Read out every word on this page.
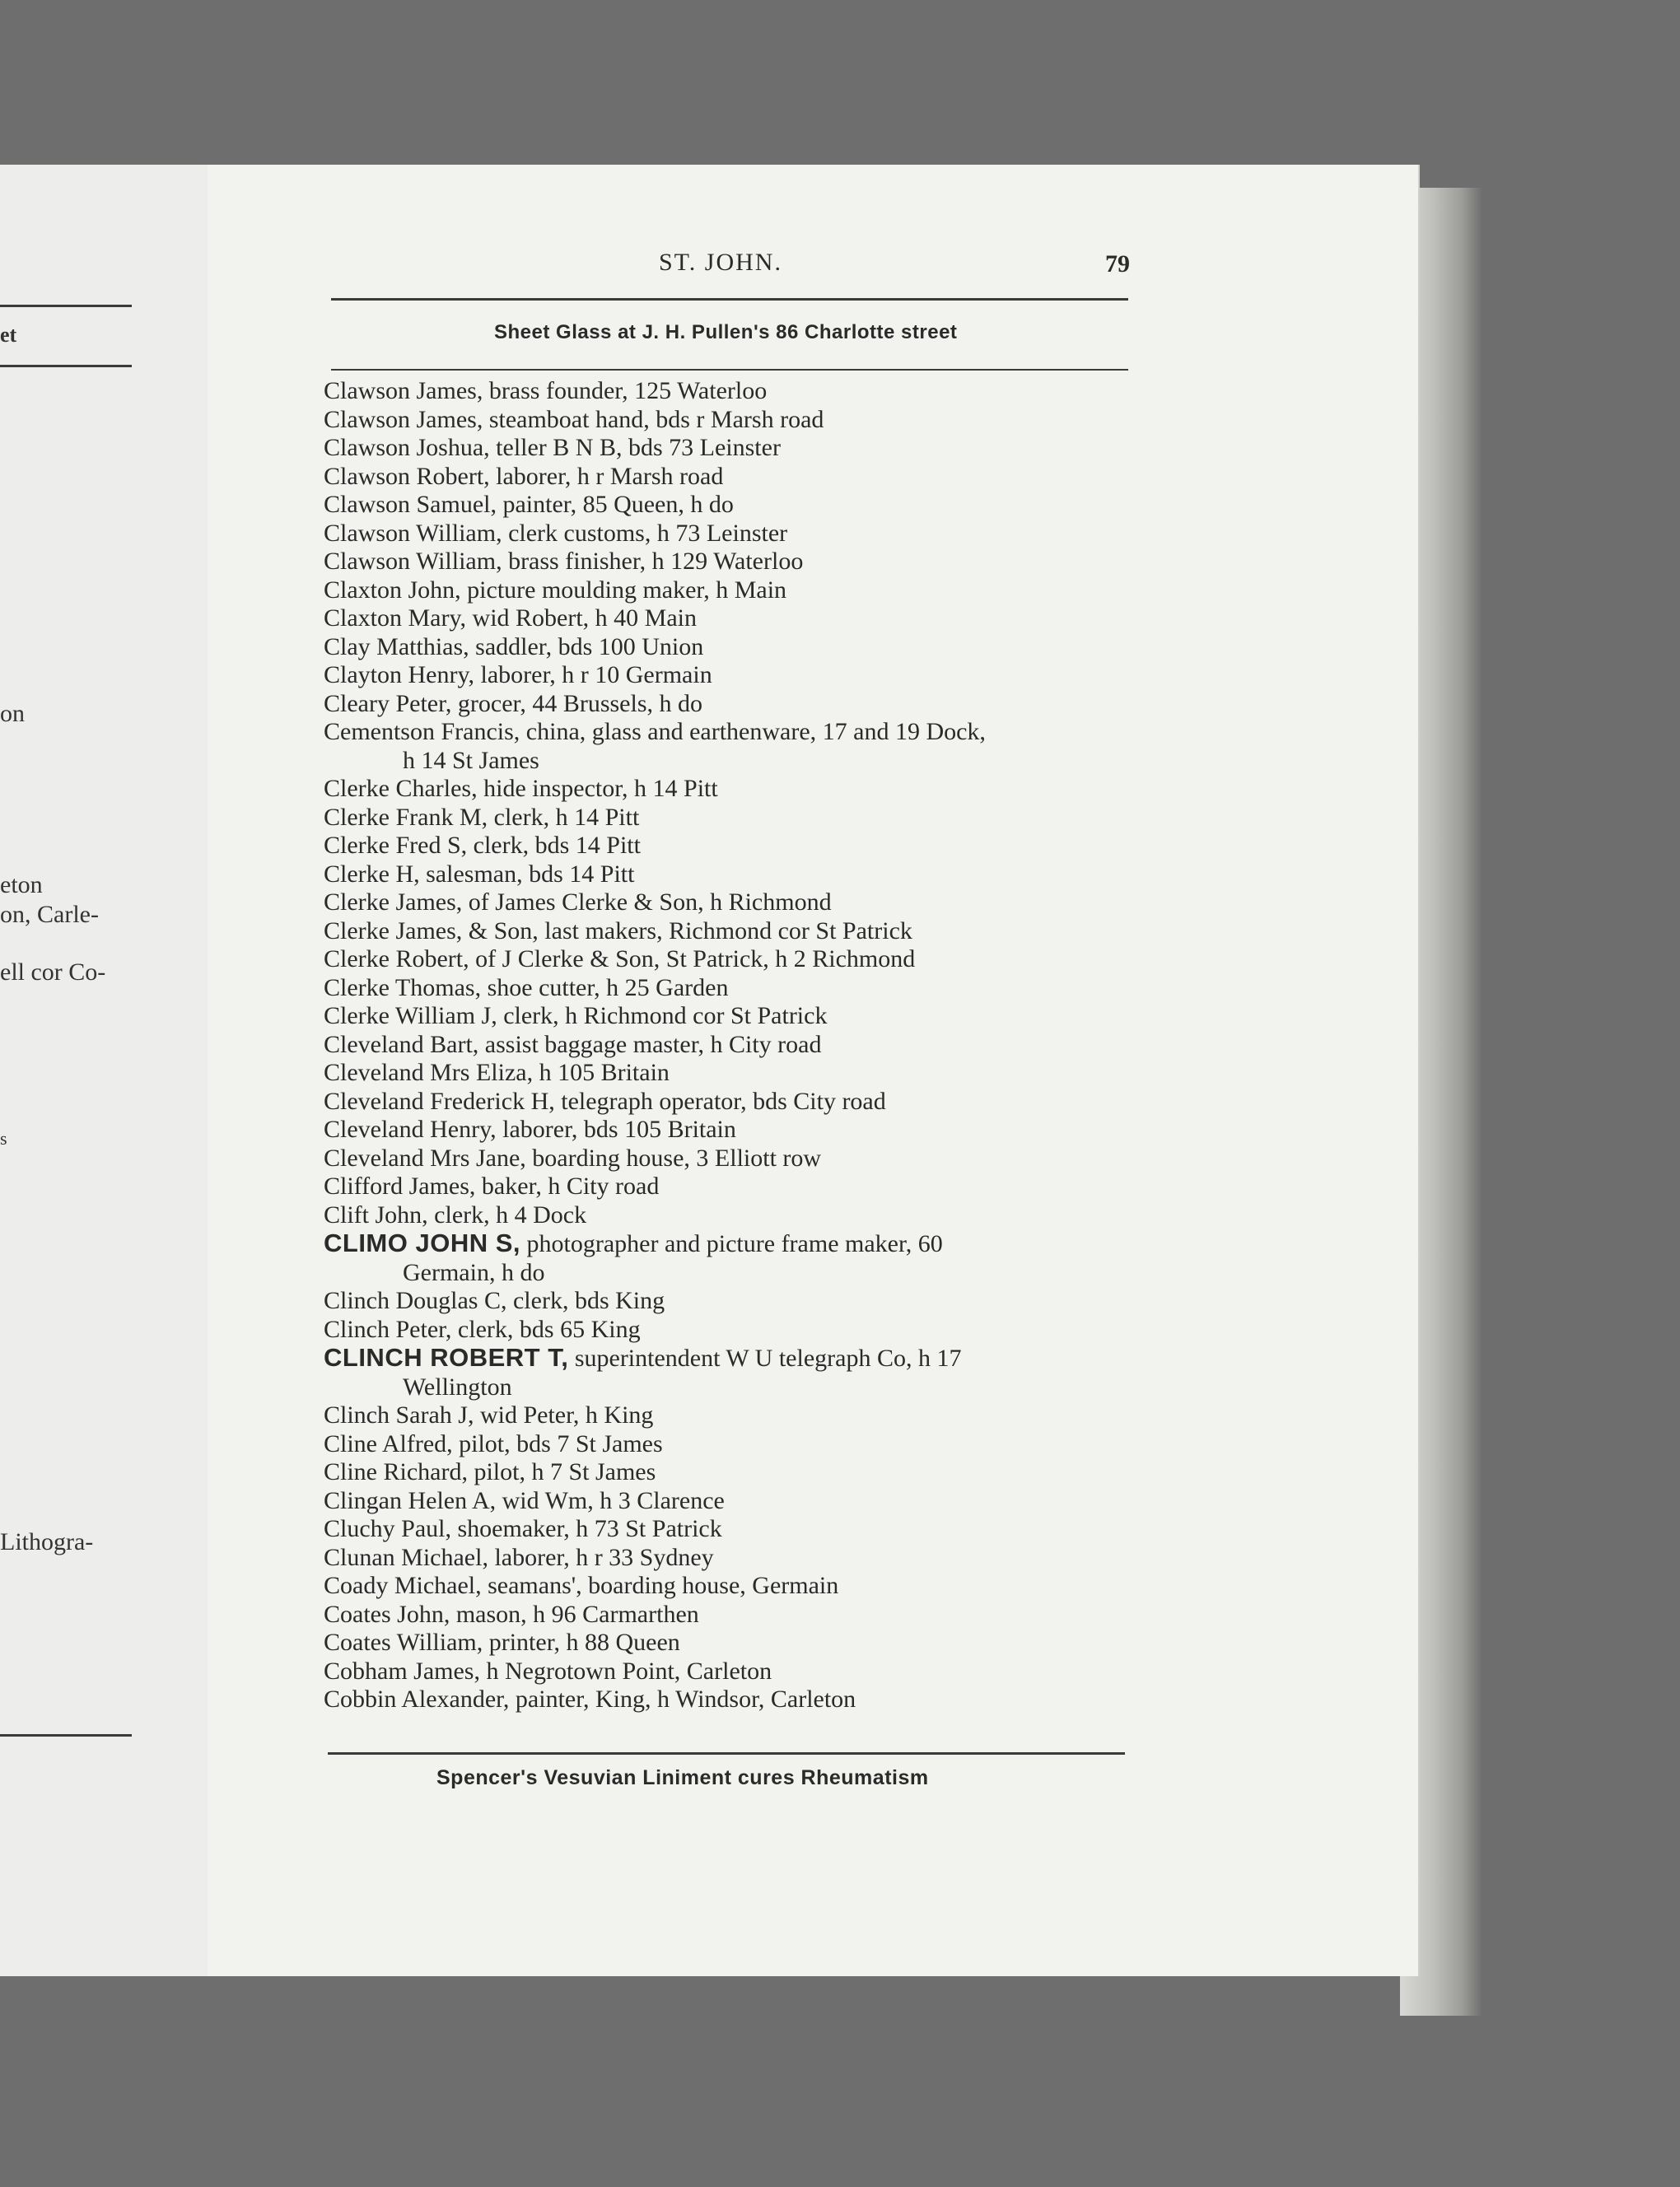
et
on
eton
on, Carle-
ell cor Co-
s
Lithogra-
ST. JOHN.	79
Sheet Glass at J. H. Pullen's 86 Charlotte street
Clawson James, brass founder, 125 Waterloo
Clawson James, steamboat hand, bds r Marsh road
Clawson Joshua, teller B N B, bds 73 Leinster
Clawson Robert, laborer, h r Marsh road
Clawson Samuel, painter, 85 Queen, h do
Clawson William, clerk customs, h 73 Leinster
Clawson William, brass finisher, h 129 Waterloo
Claxton John, picture moulding maker, h Main
Claxton Mary, wid Robert, h 40 Main
Clay Matthias, saddler, bds 100 Union
Clayton Henry, laborer, h r 10 Germain
Cleary Peter, grocer, 44 Brussels, h do
Cementson Francis, china, glass and earthenware, 17 and 19 Dock,
h 14 St James
Clerke Charles, hide inspector, h 14 Pitt
Clerke Frank M, clerk, h 14 Pitt
Clerke Fred S, clerk, bds 14 Pitt
Clerke H, salesman, bds 14 Pitt
Clerke James, of James Clerke & Son, h Richmond
Clerke James, & Son, last makers, Richmond cor St Patrick
Clerke Robert, of J Clerke & Son, St Patrick, h 2 Richmond
Clerke Thomas, shoe cutter, h 25 Garden
Clerke William J, clerk, h Richmond cor St Patrick
Cleveland Bart, assist baggage master, h City road
Cleveland Mrs Eliza, h 105 Britain
Cleveland Frederick H, telegraph operator, bds City road
Cleveland Henry, laborer, bds 105 Britain
Cleveland Mrs Jane, boarding house, 3 Elliott row
Clifford James, baker, h City road
Clift John, clerk, h 4 Dock
CLIMO JOHN S, photographer and picture frame maker, 60
Germain, h do
Clinch Douglas C, clerk, bds King
Clinch Peter, clerk, bds 65 King
CLINCH ROBERT T, superintendent W U telegraph Co, h 17
Wellington
Clinch Sarah J, wid Peter, h King
Cline Alfred, pilot, bds 7 St James
Cline Richard, pilot, h 7 St James
Clingan Helen A, wid Wm, h 3 Clarence
Cluchy Paul, shoemaker, h 73 St Patrick
Clunan Michael, laborer, h r 33 Sydney
Coady Michael, seamans', boarding house, Germain
Coates John, mason, h 96 Carmarthen
Coates William, printer, h 88 Queen
Cobham James, h Negrotown Point, Carleton
Cobbin Alexander, painter, King, h Windsor, Carleton
Spencer's Vesuvian Liniment cures Rheumatism
